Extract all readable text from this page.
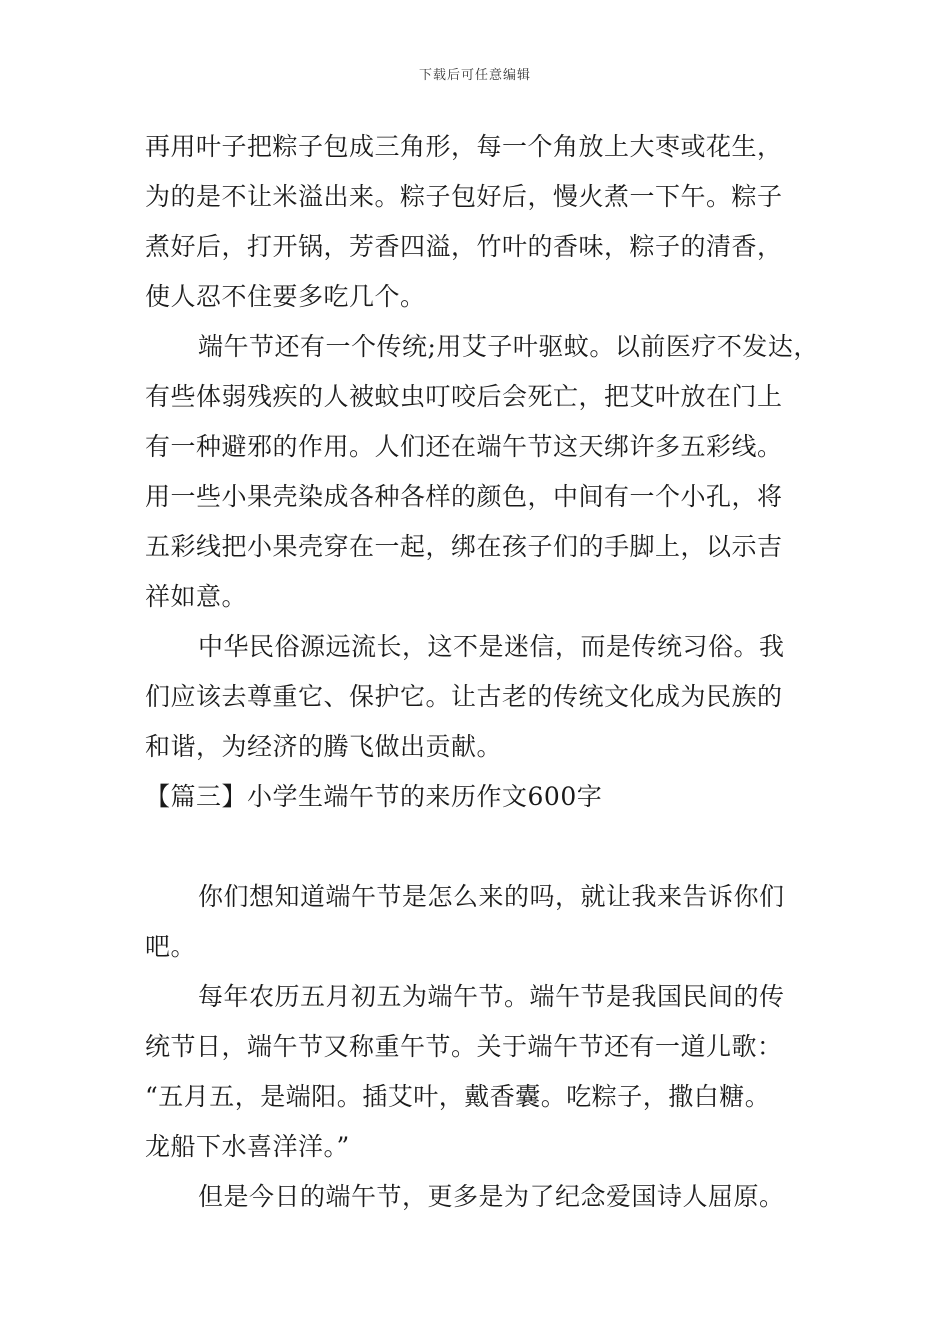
下载后可任意编辑
再用叶子把粽子包成三角形，每一个角放上大枣或花生，
为的是不让米溢出来。粽子包好后，慢火煮一下午。粽子
煮好后，打开锅，芳香四溢，竹叶的香味，粽子的清香，
使人忍不住要多吃几个。
端午节还有一个传统;用艾子叶驱蚊。以前医疗不发达，
有些体弱残疾的人被蚊虫叮咬后会死亡，把艾叶放在门上
有一种避邪的作用。人们还在端午节这天绑许多五彩线。
用一些小果壳染成各种各样的颜色，中间有一个小孔，将
五彩线把小果壳穿在一起，绑在孩子们的手脚上，以示吉
祥如意。
中华民俗源远流长，这不是迷信，而是传统习俗。我
们应该去尊重它、保护它。让古老的传统文化成为民族的
和谐，为经济的腾飞做出贡献。
【篇三】小学生端午节的来历作文600字
你们想知道端午节是怎么来的吗，就让我来告诉你们
吧。
每年农历五月初五为端午节。端午节是我国民间的传
统节日，端午节又称重午节。关于端午节还有一道儿歌：
“五月五，是端阳。插艾叶，戴香囊。吃粽子，撒白糖。
龙船下水喜洋洋。”
但是今日的端午节，更多是为了纪念爱国诗人屈原。
